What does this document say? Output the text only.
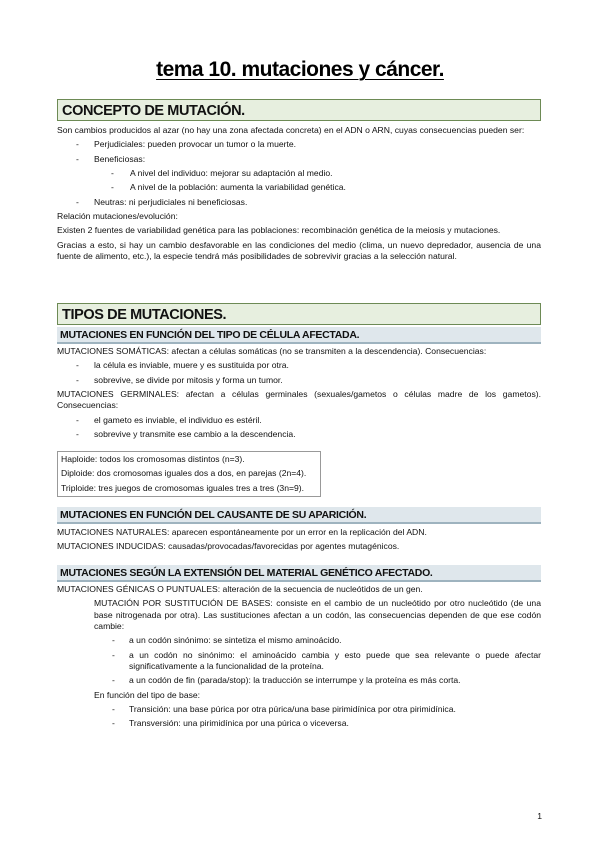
tema 10. mutaciones y cáncer.
CONCEPTO DE MUTACIÓN.

Son cambios producidos al azar (no hay una zona afectada concreta) en el ADN o ARN, cuyas consecuencias pueden ser:

- Perjudiciales: pueden provocar un tumor o la muerte.
- Beneficiosas:
- A nivel del individuo: mejorar su adaptación al medio.
- A nivel de la población: aumenta la variabilidad genética.
- Neutras: ni perjudiciales ni beneficiosas.

Relación mutaciones/evolución:

Existen 2 fuentes de variabilidad genética para las poblaciones: recombinación genética de la meiosis y mutaciones.

Gracias a esto, si hay un cambio desfavorable en las condiciones del medio (clima, un nuevo depredador, ausencia de una fuente de alimento, etc.), la especie tendrá más posibilidades de sobrevivir gracias a la selección natural.

TIPOS DE MUTACIONES.
MUTACIONES EN FUNCIÓN DEL TIPO DE CÉLULA AFECTADA.

MUTACIONES SOMÁTICAS: afectan a células somáticas (no se transmiten a la descendencia). Consecuencias:

- la célula es inviable, muere y es sustituida por otra.
- sobrevive, se divide por mitosis y forma un tumor.

MUTACIONES GERMINALES: afectan a células germinales (sexuales/gametos o células madre de los gametos). Consecuencias:

- el gameto es inviable, el individuo es estéril.
- sobrevive y transmite ese cambio a la descendencia.

Haploide: todos los cromosomas distintos (n=3).

Diploide: dos cromosomas iguales dos a dos, en parejas (2n=4).

Triploide: tres juegos de cromosomas iguales tres a tres (3n=9).

MUTACIONES EN FUNCIÓN DEL CAUSANTE DE SU APARICIÓN.

MUTACIONES NATURALES: aparecen espontáneamente por un error en la replicación del ADN.

MUTACIONES INDUCIDAS: causadas/provocadas/favorecidas por agentes mutagénicos.

MUTACIONES SEGÚN LA EXTENSIÓN DEL MATERIAL GENÉTICO AFECTADO.

MUTACIONES GÉNICAS O PUNTUALES: alteración de la secuencia de nucleótidos de un gen.

MUTACIÓN POR SUSTITUCIÓN DE BASES: consiste en el cambio de un nucleótido por otro nucleótido (de una base nitrogenada por otra). Las sustituciones afectan a un codón, las consecuencias dependen de que ese codón cambie:

- a un codón sinónimo: se sintetiza el mismo aminoácido.
- a un codón no sinónimo: el aminoácido cambia y esto puede que sea relevante o puede afectar significativamente a la funcionalidad de la proteína.
- a un codón de fin (parada/stop): la traducción se interrumpe y la proteína es más corta.

En función del tipo de base:

- Transición: una base púrica por otra púrica/una base pirimidínica por otra pirimidínica.
- Transversión: una pirimidínica por una púrica o viceversa.
1
